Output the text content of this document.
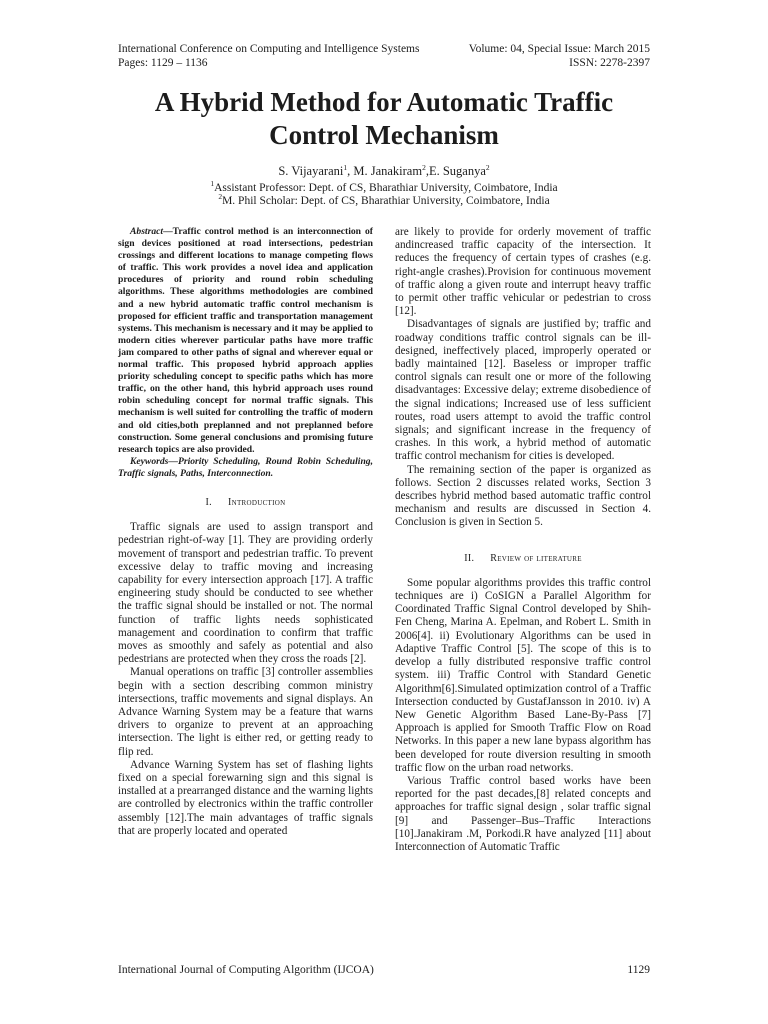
International Conference on Computing and Intelligence Systems	Volume: 04, Special Issue: March 2015
Pages: 1129 – 1136	ISSN: 2278-2397
A Hybrid Method for Automatic Traffic
Control Mechanism
S. Vijayarani$^1$, M. Janakiram$^2$,E. Suganya$^2$
$^1$Assistant Professor: Dept. of CS, Bharathiar University, Coimbatore, India
$^2$M. Phil Scholar: Dept. of CS, Bharathiar University, Coimbatore, India

Abstract—Traffic control method is an interconnection of sign devices positioned at road intersections, pedestrian crossings and different locations to manage competing flows of traffic. This work provides a novel idea and application procedures of priority and round robin scheduling algorithms. These algorithms methodologies are combined and a new hybrid automatic traffic control mechanism is proposed for efficient traffic and transportation management systems. This mechanism is necessary and it may be applied to modern cities wherever particular paths have more traffic jam compared to other paths of signal and wherever equal or normal traffic. This proposed hybrid approach applies priority scheduling concept to specific paths which has more traffic, on the other hand, this hybrid approach uses round robin scheduling concept for normal traffic signals. This mechanism is well suited for controlling the traffic of modern and old cities,both preplanned and not preplanned before construction. Some general conclusions and promising future research topics are also provided.

Keywords—Priority Scheduling, Round Robin Scheduling, Traffic signals, Paths, Interconnection.

I. Introduction

Traffic signals are used to assign transport and pedestrian right-of-way [1]. They are providing orderly movement of transport and pedestrian traffic. To prevent excessive delay to traffic moving and increasing capability for every intersection approach [17]. A traffic engineering study should be conducted to see whether the traffic signal should be installed or not. The normal function of traffic lights needs sophisticated management and coordination to confirm that traffic moves as smoothly and safely as potential and also pedestrians are protected when they cross the roads [2].

Manual operations on traffic [3] controller assemblies begin with a section describing common ministry intersections, traffic movements and signal displays. An Advance Warning System may be a feature that warns drivers to organize to prevent at an approaching intersection. The light is either red, or getting ready to flip red.

Advance Warning System has set of flashing lights fixed on a special forewarning sign and this signal is installed at a prearranged distance and the warning lights are controlled by electronics within the traffic controller assembly [12].The main advantages of traffic signals that are properly located and operated

are likely to provide for orderly movement of traffic andincreased traffic capacity of the intersection. It reduces the frequency of certain types of crashes (e.g. right-angle crashes).Provision for continuous movement of traffic along a given route and interrupt heavy traffic to permit other traffic vehicular or pedestrian to cross [12].

Disadvantages of signals are justified by; traffic and roadway conditions traffic control signals can be ill-designed, ineffectively placed, improperly operated or badly maintained [12]. Baseless or improper traffic control signals can result one or more of the following disadvantages: Excessive delay; extreme disobedience of the signal indications; Increased use of less sufficient routes, road users attempt to avoid the traffic control signals; and significant increase in the frequency of crashes. In this work, a hybrid method of automatic traffic control mechanism for cities is developed.

The remaining section of the paper is organized as follows. Section 2 discusses related works, Section 3 describes hybrid method based automatic traffic control mechanism and results are discussed in Section 4. Conclusion is given in Section 5.

II. Review of literature

Some popular algorithms provides this traffic control techniques are i) CoSIGN a Parallel Algorithm for Coordinated Traffic Signal Control developed by Shih-Fen Cheng, Marina A. Epelman, and Robert L. Smith in 2006[4]. ii) Evolutionary Algorithms can be used in Adaptive Traffic Control [5]. The scope of this is to develop a fully distributed responsive traffic control system. iii) Traffic Control with Standard Genetic Algorithm[6].Simulated optimization control of a Traffic Intersection conducted by GustafJansson in 2010. iv) A New Genetic Algorithm Based Lane-By-Pass [7] Approach is applied for Smooth Traffic Flow on Road Networks. In this paper a new lane bypass algorithm has been developed for route diversion resulting in smooth traffic flow on the urban road networks.

Various Traffic control based works have been reported for the past decades,[8] related concepts and approaches for traffic signal design , solar traffic signal [9] and Passenger–Bus–Traffic Interactions [10].Janakiram .M, Porkodi.R have analyzed [11] about Interconnection of Automatic Traffic

International Journal of Computing Algorithm (IJCOA)	1129
